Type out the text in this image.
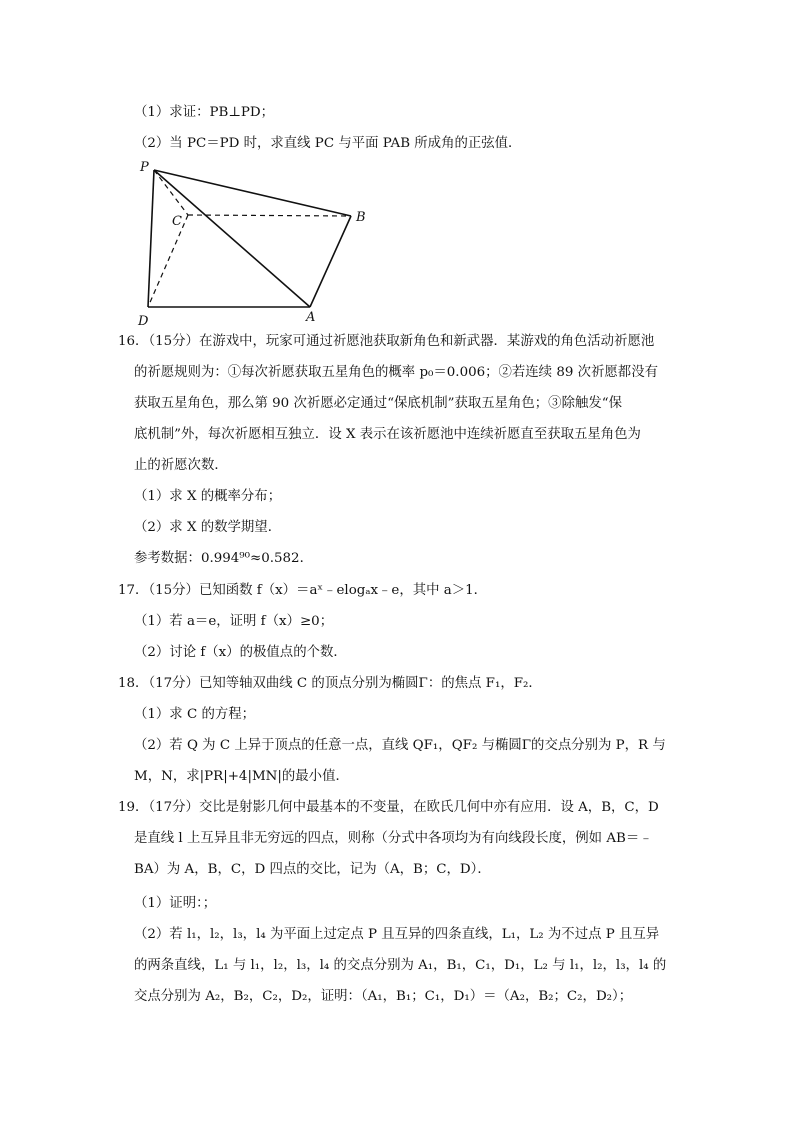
（1）求证：PB⊥PD；
（2）当 PC＝PD 时，求直线 PC 与平面 PAB 所成角的正弦值．
P
C	B
D	A
16．（15分）在游戏中，玩家可通过祈愿池获取新角色和新武器．某游戏的角色活动祈愿池
的祈愿规则为：①每次祈愿获取五星角色的概率 p₀＝0.006；②若连续 89 次祈愿都没有
获取五星角色，那么第 90 次祈愿必定通过“保底机制”获取五星角色；③除触发“保
底机制”外，每次祈愿相互独立．设 X 表示在该祈愿池中连续祈愿直至获取五星角色为
止的祈愿次数．
（1）求 X 的概率分布；
（2）求 X 的数学期望．
参考数据：0.994⁹⁰≈0.582．
17．（15分）已知函数 f（x）＝aˣ﹣elogₐx﹣e，其中 a＞1．
（1）若 a＝e，证明 f（x）≥0；
（2）讨论 f（x）的极值点的个数．
18．（17分）已知等轴双曲线 C 的顶点分别为椭圆Γ：的焦点 F₁，F₂．
（1）求 C 的方程；
（2）若 Q 为 C 上异于顶点的任意一点，直线 QF₁，QF₂ 与椭圆Γ的交点分别为 P，R 与
M，N，求|PR|+4|MN|的最小值．
19．（17分）交比是射影几何中最基本的不变量，在欧氏几何中亦有应用．设 A，B，C，D
是直线 l 上互异且非无穷远的四点，则称（分式中各项均为有向线段长度，例如 AB＝﹣
BA）为 A，B，C，D 四点的交比，记为（A，B；C，D）．
（1）证明：；
（2）若 l₁，l₂，l₃，l₄ 为平面上过定点 P 且互异的四条直线，L₁，L₂ 为不过点 P 且互异
的两条直线，L₁ 与 l₁，l₂，l₃，l₄ 的交点分别为 A₁，B₁，C₁，D₁，L₂ 与 l₁，l₂，l₃，l₄ 的
交点分别为 A₂，B₂，C₂，D₂，证明：（A₁，B₁；C₁，D₁）＝（A₂，B₂；C₂，D₂）；
